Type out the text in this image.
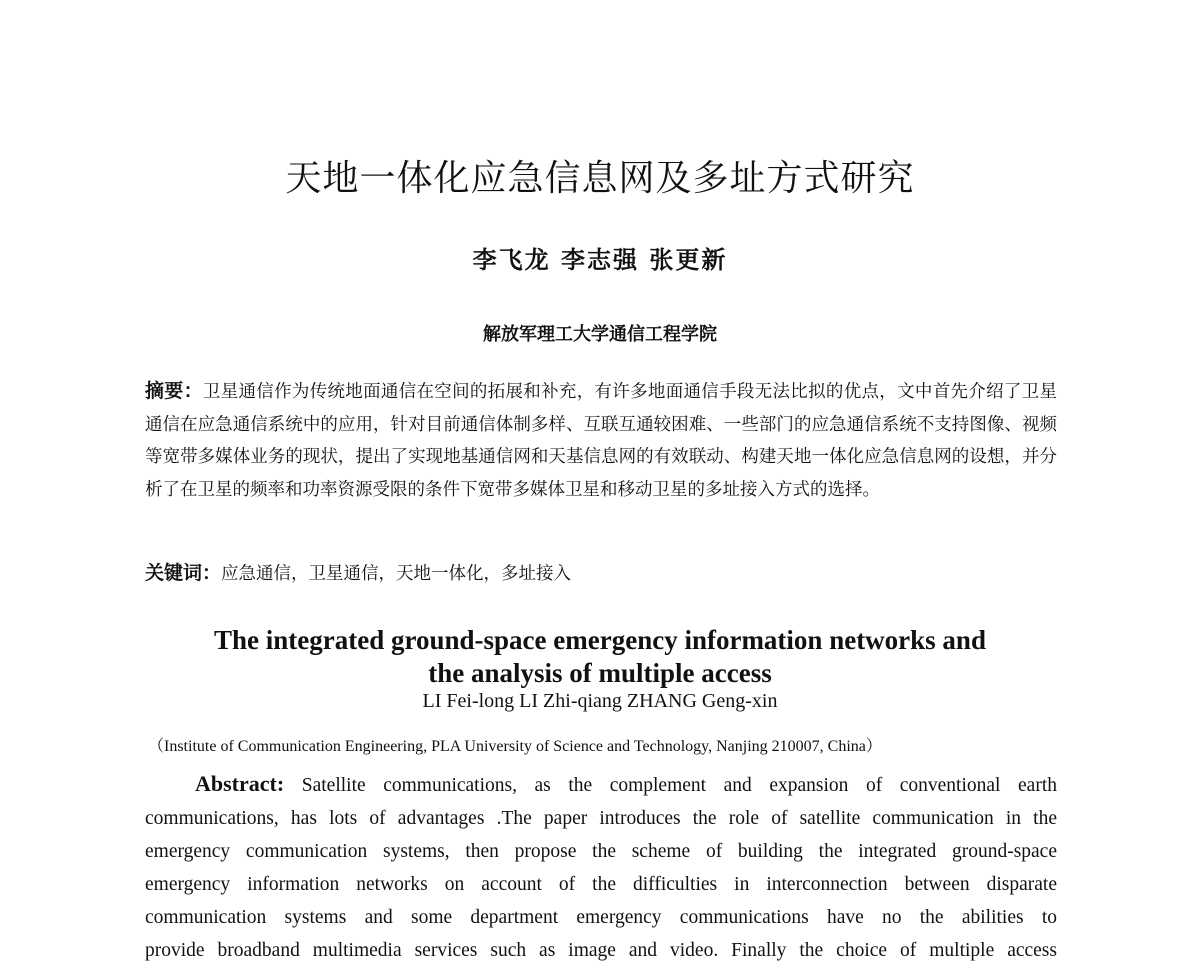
天地一体化应急信息网及多址方式研究
李飞龙 李志强 张更新
解放军理工大学通信工程学院
摘要：卫星通信作为传统地面通信在空间的拓展和补充，有许多地面通信手段无法比拟的优点，文中首先介绍了卫星通信在应急通信系统中的应用，针对目前通信体制多样、互联互通较困难、一些部门的应急通信系统不支持图像、视频等宽带多媒体业务的现状，提出了实现地基通信网和天基信息网的有效联动、构建天地一体化应急信息网的设想，并分析了在卫星的频率和功率资源受限的条件下宽带多媒体卫星和移动卫星的多址接入方式的选择。
关键词：应急通信，卫星通信，天地一体化，多址接入
The integrated ground-space emergency information networks and
the analysis of multiple access
LI Fei-long LI Zhi-qiang ZHANG Geng-xin
（Institute of Communication Engineering, PLA University of Science and Technology, Nanjing 210007, China）
Abstract: Satellite communications, as the complement and expansion of conventional earth
communications, has lots of advantages .The paper introduces the role of satellite communication in the
emergency communication systems, then propose the scheme of building the integrated ground-space
emergency information networks on account of the difficulties in interconnection between disparate
communication systems and some department emergency communications have no the abilities to
provide broadband multimedia services such as image and video. Finally the choice of multiple access
